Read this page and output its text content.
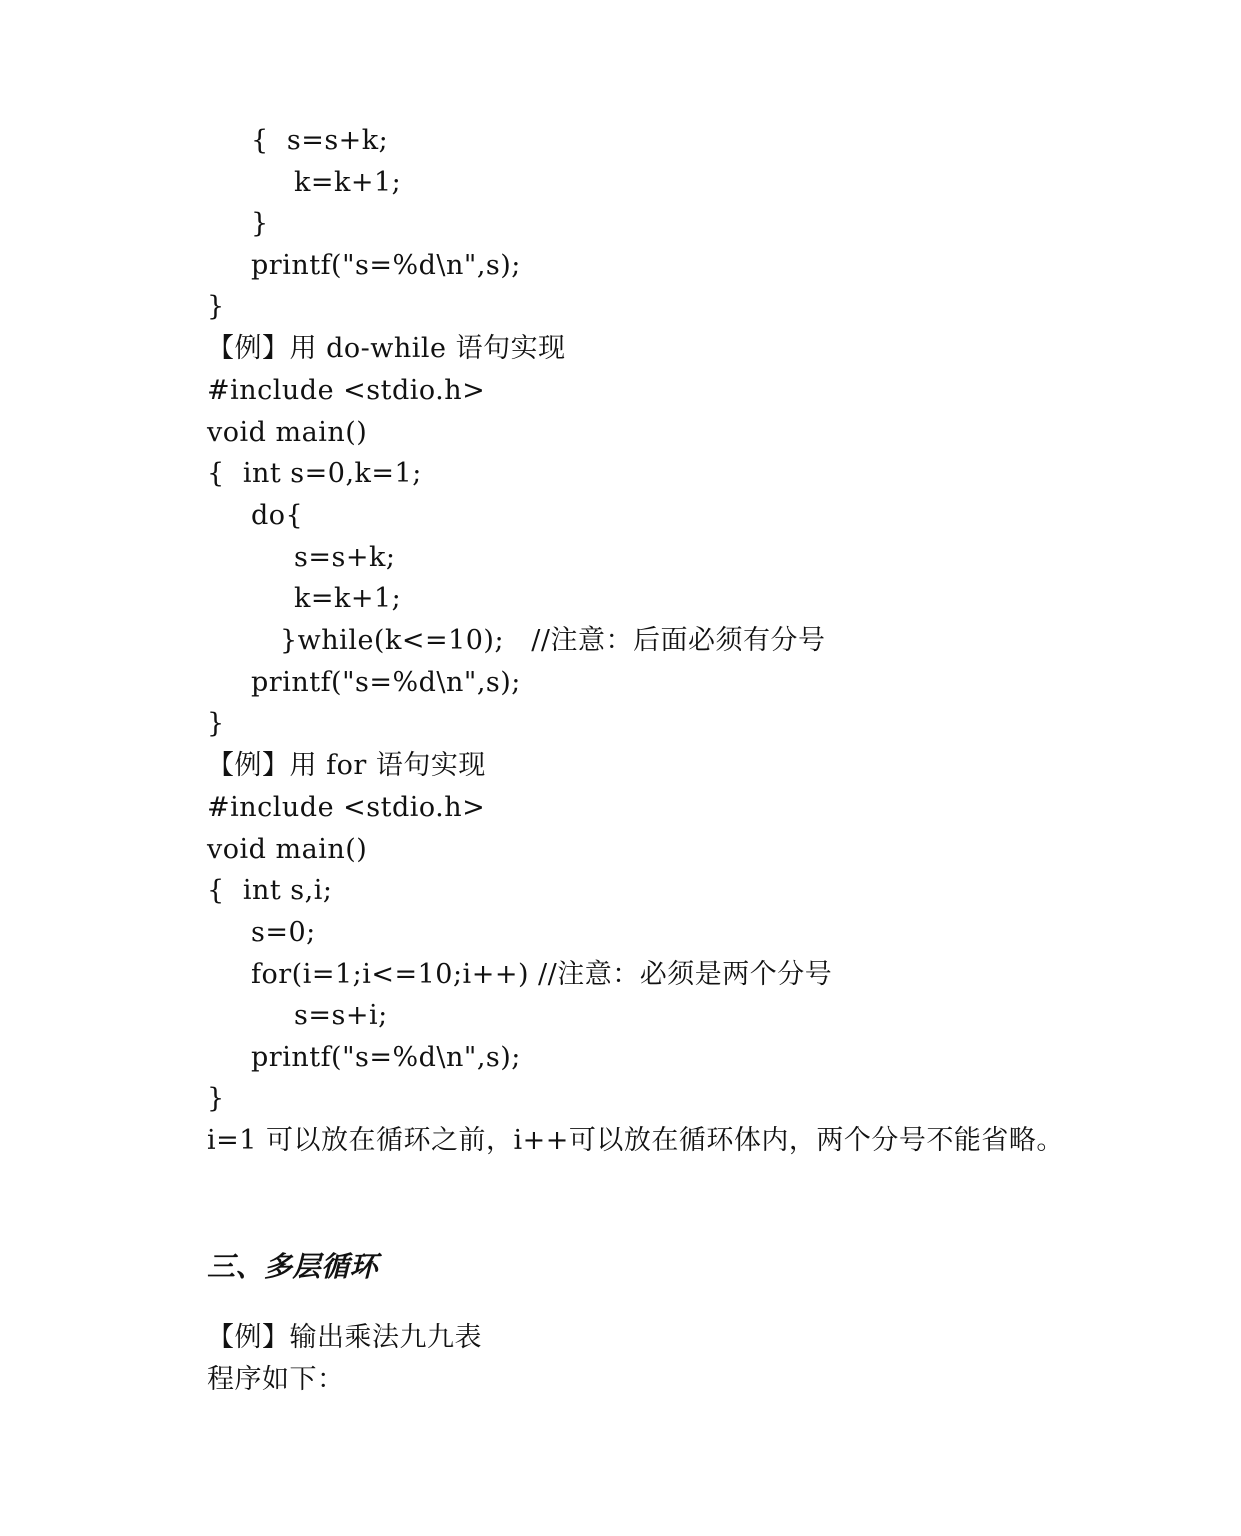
{  s=s+k;
k=k+1;
}
printf("s=%d\n",s);
}
【例】用 do-while 语句实现
#include <stdio.h>
void main()
{  int s=0,k=1;
do{
s=s+k;
k=k+1;
}while(k<=10);   //注意：后面必须有分号
printf("s=%d\n",s);
}
【例】用 for 语句实现
#include <stdio.h>
void main()
{  int s,i;
s=0;
for(i=1;i<=10;i++) //注意：必须是两个分号
s=s+i;
printf("s=%d\n",s);
}
i=1 可以放在循环之前，i++可以放在循环体内，两个分号不能省略。
三、多层循环
【例】输出乘法九九表
程序如下：
